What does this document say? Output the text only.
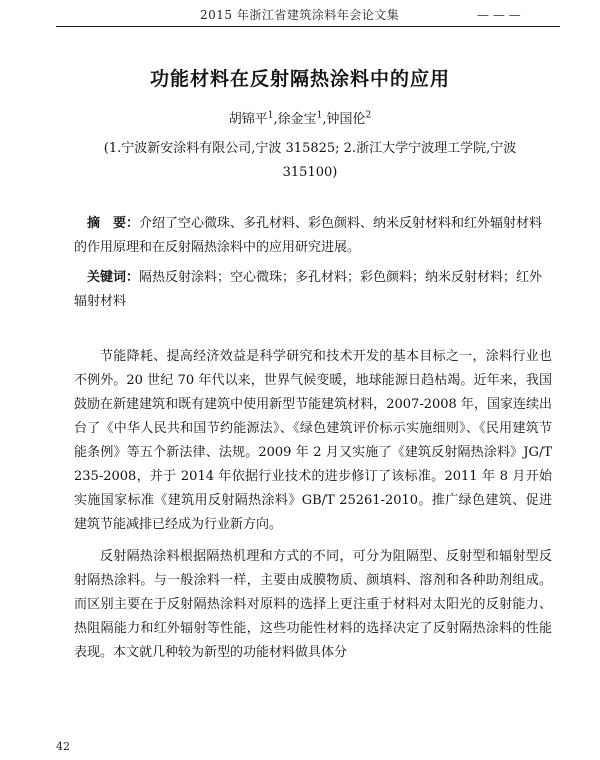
2015 年浙江省建筑涂料年会论文集	— — —
功能材料在反射隔热涂料中的应用
胡锦平$^1$,徐金宝$^1$,钟国伦$^2$
(1.宁波新安涂料有限公司,宁波 315825; 2.浙江大学宁波理工学院,宁波 315100)

摘　要：介绍了空心微珠、多孔材料、彩色颜料、纳米反射材料和红外辐射材料的作用原理和在反射隔热涂料中的应用研究进展。

关键词：隔热反射涂料；空心微珠；多孔材料；彩色颜料；纳米反射材料；红外辐射材料

节能降耗、提高经济效益是科学研究和技术开发的基本目标之一，涂料行业也不例外。20 世纪 70 年代以来，世界气候变暖，地球能源日趋枯竭。近年来，我国鼓励在新建建筑和既有建筑中使用新型节能建筑材料，2007-2008 年，国家连续出台了《中华人民共和国节约能源法》、《绿色建筑评价标示实施细则》、《民用建筑节能条例》等五个新法律、法规。2009 年 2 月又实施了《建筑反射隔热涂料》JG/T 235-2008，并于 2014 年依据行业技术的进步修订了该标准。2011 年 8 月开始实施国家标准《建筑用反射隔热涂料》GB/T 25261-2010。推广绿色建筑、促进建筑节能减排已经成为行业新方向。

反射隔热涂料根据隔热机理和方式的不同，可分为阻隔型、反射型和辐射型反射隔热涂料。与一般涂料一样，主要由成膜物质、颜填料、溶剂和各种助剂组成。而区别主要在于反射隔热涂料对原料的选择上更注重于材料对太阳光的反射能力、热阻隔能力和红外辐射等性能，这些功能性材料的选择决定了反射隔热涂料的性能表现。本文就几种较为新型的功能材料做具体分

42
